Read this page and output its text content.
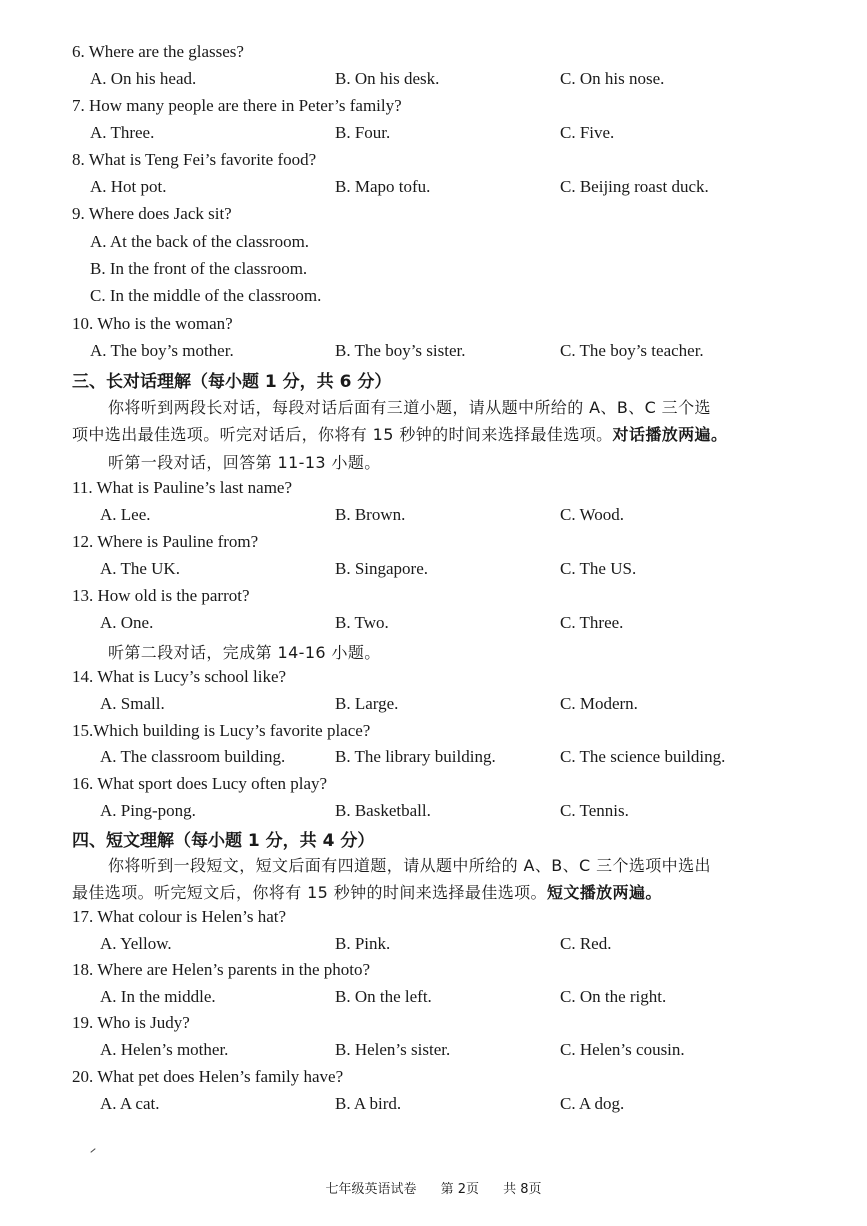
6. Where are the glasses?
A. On his head.	B. On his desk.	C. On his nose.
7. How many people are there in Peter’s family?
A. Three.	B. Four.	C. Five.
8. What is Teng Fei’s favorite food?
A. Hot pot.	B. Mapo tofu.	C. Beijing roast duck.
9. Where does Jack sit?
A. At the back of the classroom.
B. In the front of the classroom.
C. In the middle of the classroom.
10. Who is the woman?
A. The boy’s mother.	B. The boy’s sister.	C. The boy’s teacher.
三、长对话理解（每小题 1 分，共 6 分）
你将听到两段长对话，每段对话后面有三道小题，请从题中所给的 A、B、C 三个选
项中选出最佳选项。听完对话后，你将有 15 秒钟的时间来选择最佳选项。对话播放两遍。
听第一段对话，回答第 11-13 小题。
11. What is Pauline’s last name?
A. Lee.	B. Brown.	C. Wood.
12. Where is Pauline from?
A. The UK.	B. Singapore.	C. The US.
13. How old is the parrot?
A. One.	B. Two.	C. Three.
听第二段对话，完成第 14-16 小题。
14. What is Lucy’s school like?
A. Small.	B. Large.	C. Modern.
15.Which building is Lucy’s favorite place?
A. The classroom building.	B. The library building.	C. The science building.
16. What sport does Lucy often play?
A. Ping-pong.	B. Basketball.	C. Tennis.
四、短文理解（每小题 1 分，共 4 分）
你将听到一段短文，短文后面有四道题，请从题中所给的 A、B、C 三个选项中选出
最佳选项。听完短文后，你将有 15 秒钟的时间来选择最佳选项。短文播放两遍。
17. What colour is Helen’s hat?
A. Yellow.	B. Pink.	C. Red.
18. Where are Helen’s parents in the photo?
A. In the middle.	B. On the left.	C. On the right.
19. Who is Judy?
A. Helen’s mother.	B. Helen’s sister.	C. Helen’s cousin.
20. What pet does Helen’s family have?
A. A cat.	B. A bird.	C. A dog.
七年级英语试卷 第 2页 共 8页
